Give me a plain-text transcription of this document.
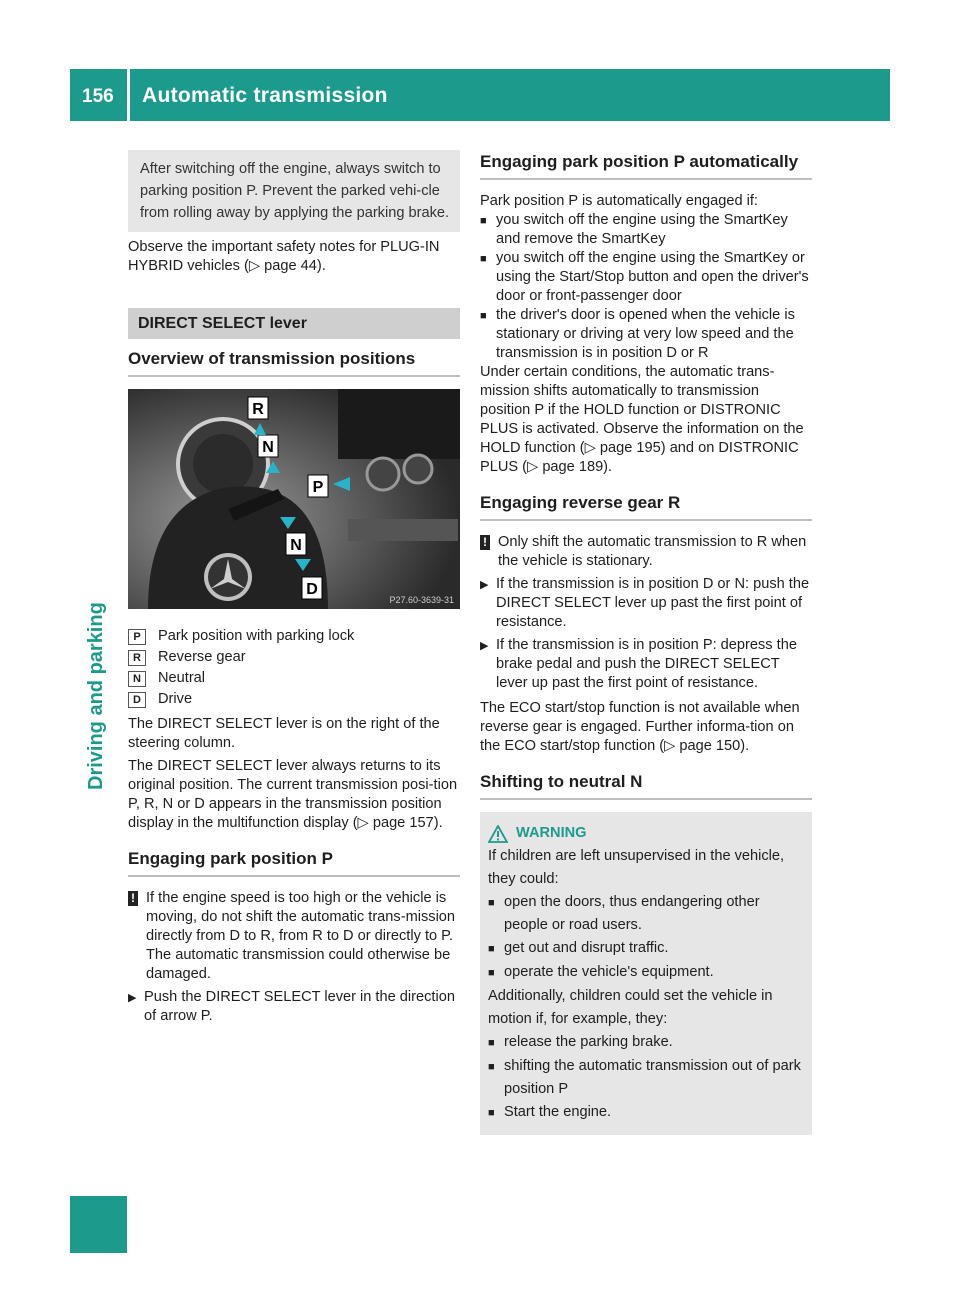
156 Automatic transmission
Driving and parking

After switching off the engine, always switch to parking position P. Prevent the parked vehi-cle from rolling away by applying the parking brake.

Observe the important safety notes for PLUG-IN HYBRID vehicles (▷ page 44).

DIRECT SELECT lever
Overview of transmission positions
R
N
P
N
D
P27.60-3639-31
P	Park position with parking lock
R	Reverse gear
N	Neutral
D	Drive

The DIRECT SELECT lever is on the right of the steering column.

The DIRECT SELECT lever always returns to its original position. The current transmission posi-tion P, R, N or D appears in the transmission position display in the multifunction display (▷ page 157).

Engaging park position P
! If the engine speed is too high or the vehicle is moving, do not shift the automatic trans-mission directly from D to R, from R to D or directly to P. The automatic transmission could otherwise be damaged.

▶ Push the DIRECT SELECT lever in the direction of arrow P.

Engaging park position P automatically

Park position P is automatically engaged if:

■ you switch off the engine using the SmartKey and remove the SmartKey

■ you switch off the engine using the SmartKey or using the Start/Stop button and open the driver's door or front-passenger door

■ the driver's door is opened when the vehicle is stationary or driving at very low speed and the transmission is in position D or R

Under certain conditions, the automatic trans-mission shifts automatically to transmission position P if the HOLD function or DISTRONIC PLUS is activated. Observe the information on the HOLD function (▷ page 195) and on DISTRONIC PLUS (▷ page 189).

Engaging reverse gear R
! Only shift the automatic transmission to R when the vehicle is stationary.

▶ If the transmission is in position D or N: push the DIRECT SELECT lever up past the first point of resistance.

▶ If the transmission is in position P: depress the brake pedal and push the DIRECT SELECT lever up past the first point of resistance.

The ECO start/stop function is not available when reverse gear is engaged. Further informa-tion on the ECO start/stop function (▷ page 150).

Shifting to neutral N
WARNING

If children are left unsupervised in the vehicle, they could:

■ open the doors, thus endangering other people or road users.

■ get out and disrupt traffic.

■ operate the vehicle's equipment.

Additionally, children could set the vehicle in motion if, for example, they:

■ release the parking brake.

■ shifting the automatic transmission out of park position P

■ Start the engine.
